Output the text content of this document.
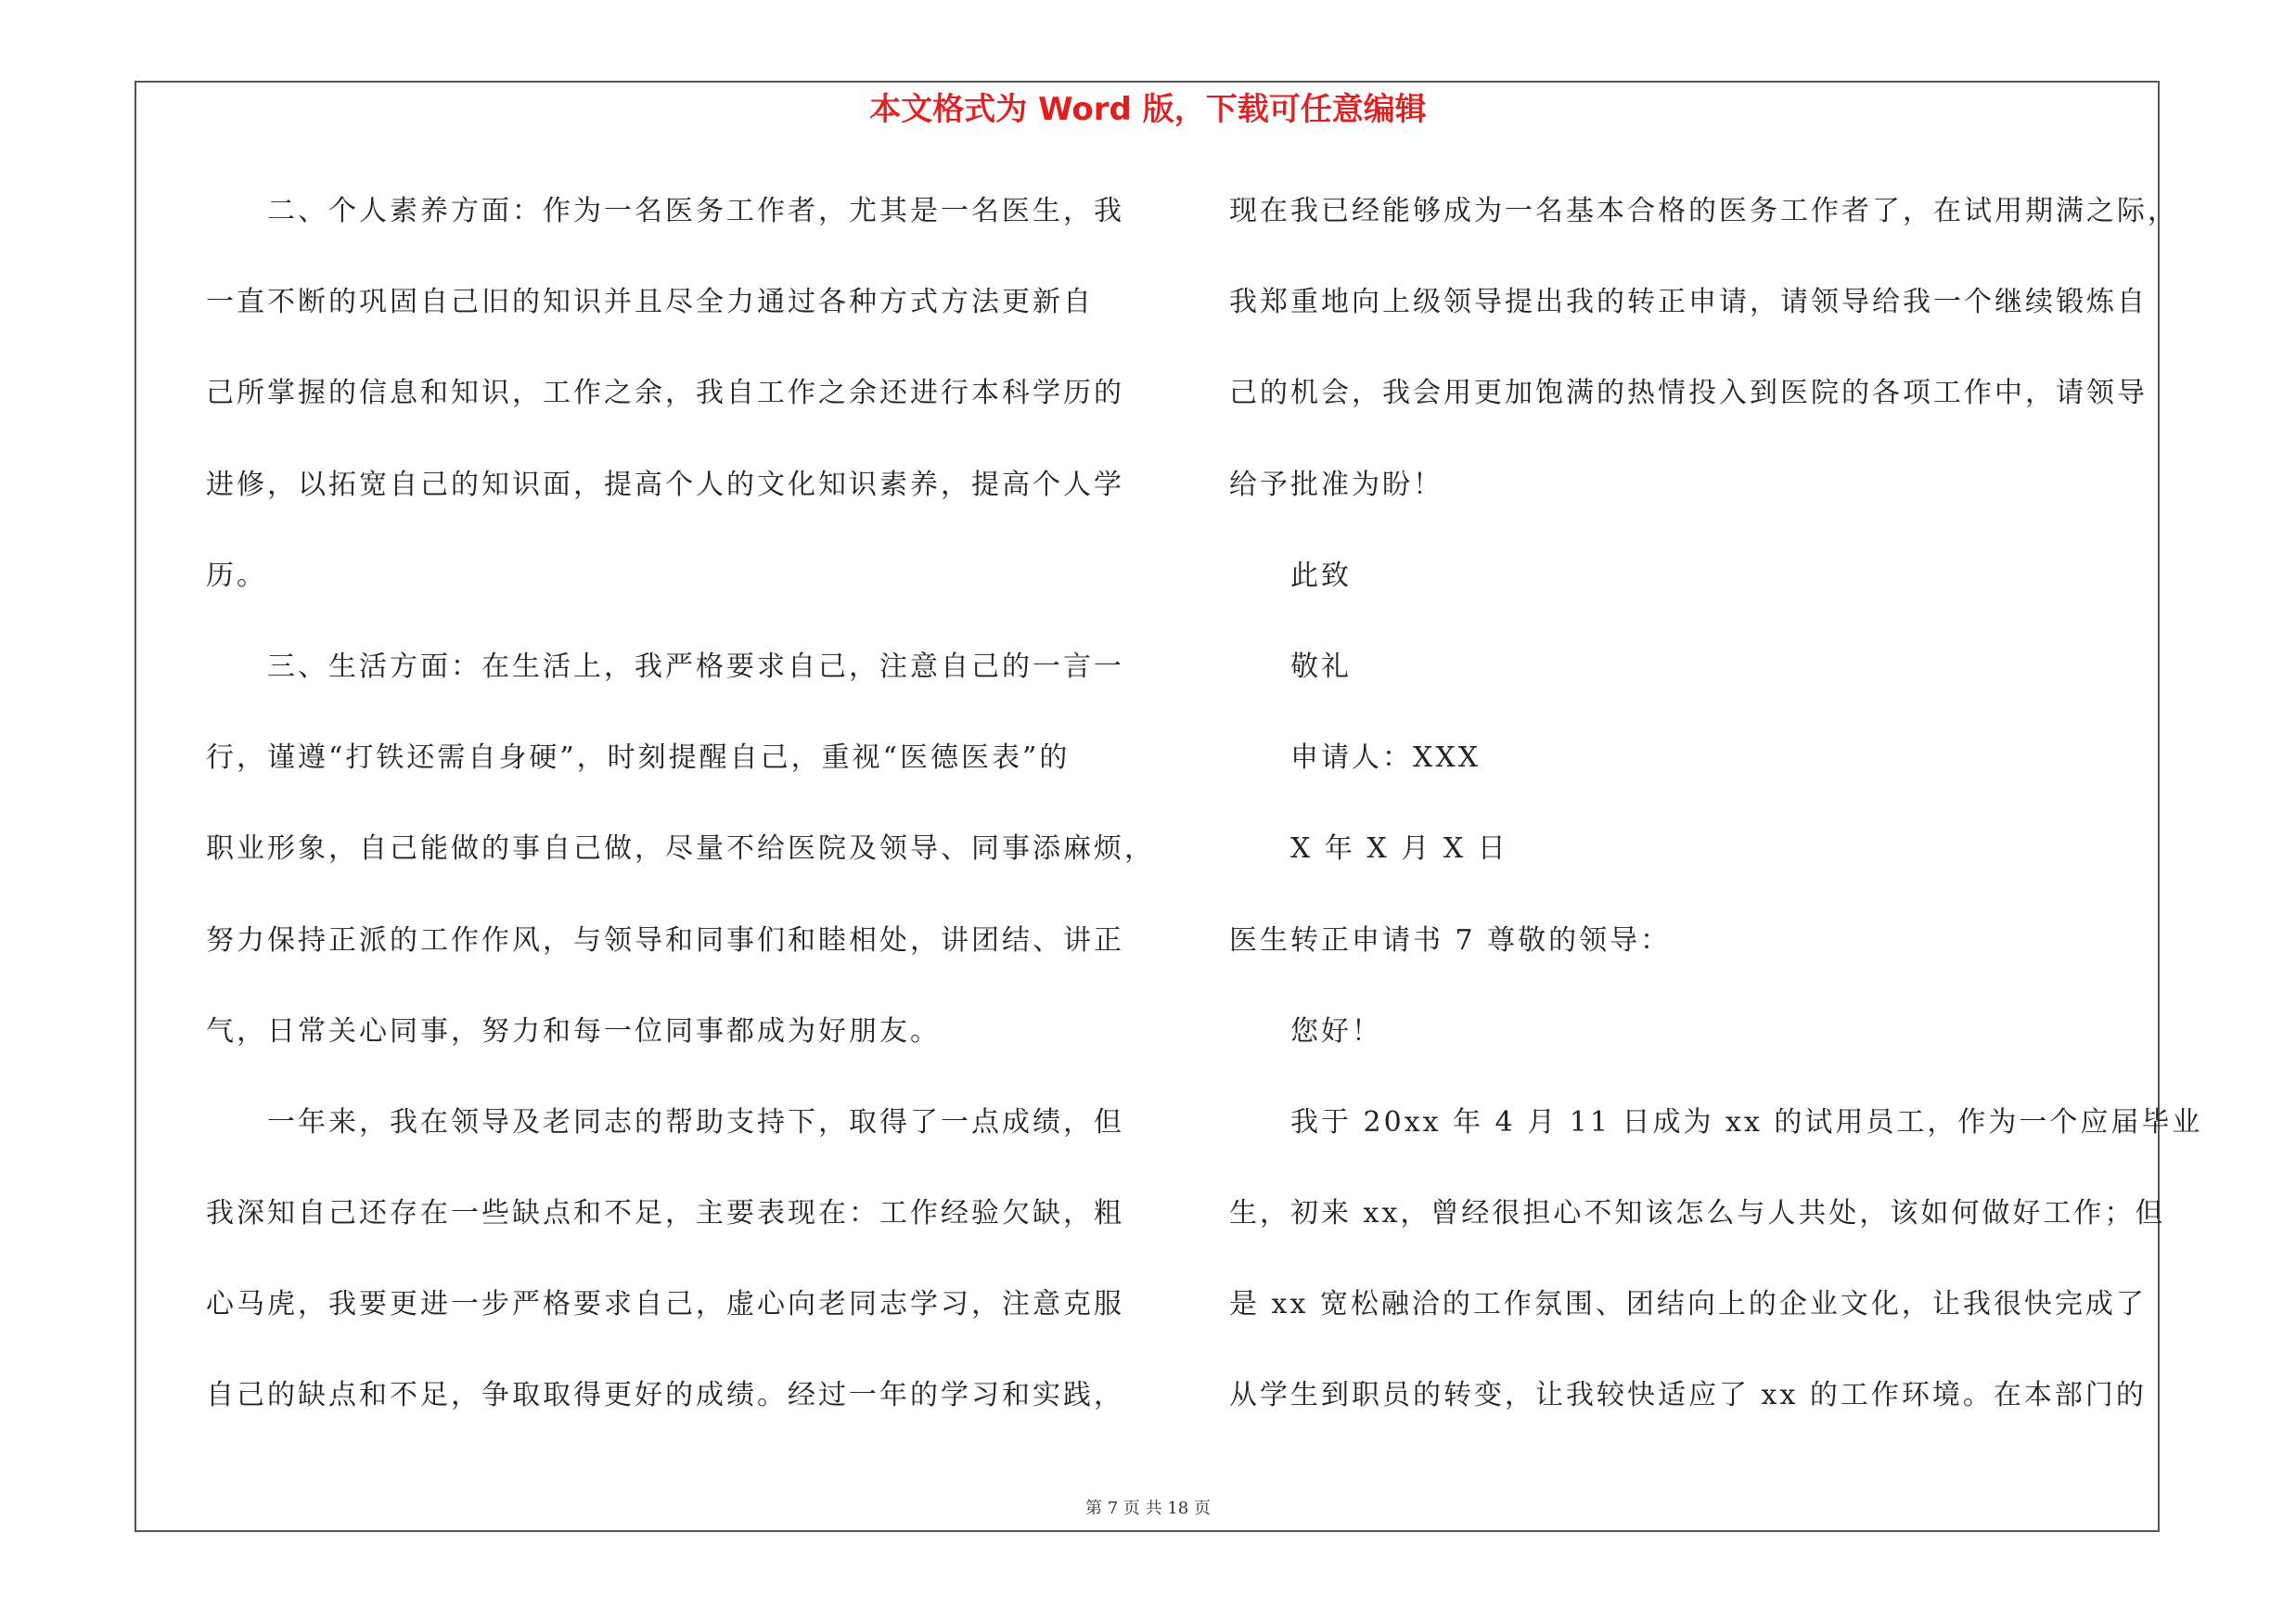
本文格式为 Word 版，下载可任意编辑
　　二、个人素养方面：作为一名医务工作者，尤其是一名医生，我
一直不断的巩固自己旧的知识并且尽全力通过各种方式方法更新自
己所掌握的信息和知识，工作之余，我自工作之余还进行本科学历的
进修，以拓宽自己的知识面，提高个人的文化知识素养，提高个人学
历。
　　三、生活方面：在生活上，我严格要求自己，注意自己的一言一
行，谨遵“打铁还需自身硬”，时刻提醒自己，重视“医德医表”的
职业形象，自己能做的事自己做，尽量不给医院及领导、同事添麻烦，
努力保持正派的工作作风，与领导和同事们和睦相处，讲团结、讲正
气，日常关心同事，努力和每一位同事都成为好朋友。
　　一年来，我在领导及老同志的帮助支持下，取得了一点成绩，但
我深知自己还存在一些缺点和不足，主要表现在：工作经验欠缺，粗
心马虎，我要更进一步严格要求自己，虚心向老同志学习，注意克服
自己的缺点和不足，争取取得更好的成绩。经过一年的学习和实践，
现在我已经能够成为一名基本合格的医务工作者了，在试用期满之际，
我郑重地向上级领导提出我的转正申请，请领导给我一个继续锻炼自
己的机会，我会用更加饱满的热情投入到医院的各项工作中，请领导
给予批准为盼！
　　此致
　　敬礼
　　申请人：XXX
　　X 年 X 月 X 日
医生转正申请书 7 尊敬的领导：
　　您好！
　　我于 20xx 年 4 月 11 日成为 xx 的试用员工，作为一个应届毕业
生，初来 xx，曾经很担心不知该怎么与人共处，该如何做好工作；但
是 xx 宽松融洽的工作氛围、团结向上的企业文化，让我很快完成了
从学生到职员的转变，让我较快适应了 xx 的工作环境。在本部门的
第 7 页 共 18 页
